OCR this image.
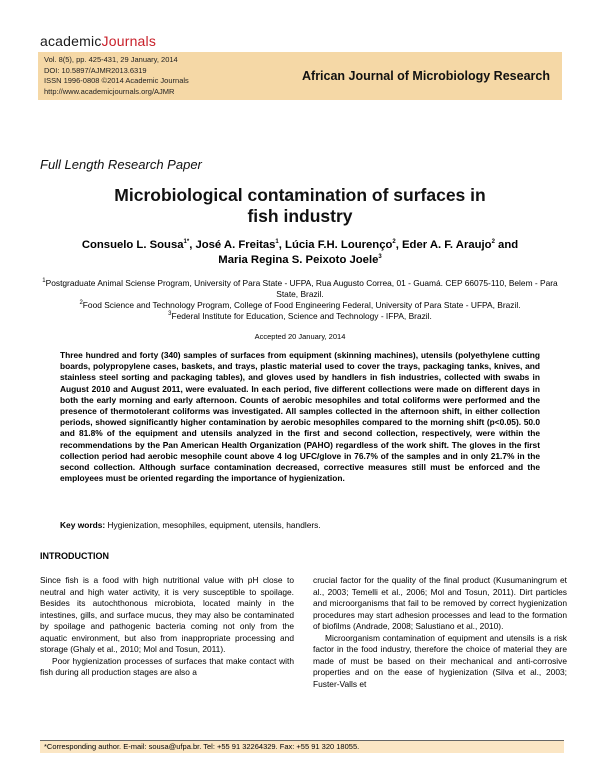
academicJournals
Vol. 8(5), pp. 425-431, 29 January, 2014
DOI: 10.5897/AJMR2013.6319
ISSN 1996-0808 ©2014 Academic Journals
http://www.academicjournals.org/AJMR
African Journal of Microbiology Research
Full Length Research Paper
Microbiological contamination of surfaces in
fish industry
Consuelo L. Sousa$^{1*}$, José A. Freitas$^1$, Lúcia F.H. Lourenço$^2$, Eder A. F. Araujo$^2$ and
Maria Regina S. Peixoto Joele$^3$
$^1$Postgraduate Animal Sciense Program, University of Para State - UFPA, Rua Augusto Correa, 01 - Guamá. CEP 66075-110, Belem - Para State, Brazil.
$^2$Food Science and Technology Program, College of Food Engineering Federal, University of Para State - UFPA, Brazil.
$^3$Federal Institute for Education, Science and Technology - IFPA, Brazil.
Accepted 20 January, 2014
Three hundred and forty (340) samples of surfaces from equipment (skinning machines), utensils (polyethylene cutting boards, polypropylene cases, baskets, and trays, plastic material used to cover the trays, packaging tanks, knives, and stainless steel sorting and packaging tables), and gloves used by handlers in fish industries, collected with swabs in August 2010 and August 2011, were evaluated. In each period, five different collections were made on different days in both the early morning and early afternoon. Counts of aerobic mesophiles and total coliforms were performed and the presence of thermotolerant coliforms was investigated. All samples collected in the afternoon shift, in either collection periods, showed significantly higher contamination by aerobic mesophiles compared to the morning shift (p<0.05). 50.0 and 81.8% of the equipment and utensils analyzed in the first and second collection, respectively, were within the recommendations by the Pan American Health Organization (PAHO) regardless of the work shift. The gloves in the first collection period had aerobic mesophile count above 4 log UFC/glove in 76.7% of the samples and in only 21.7% in the second collection. Although surface contamination decreased, corrective measures still must be enforced and the employees must be oriented regarding the importance of hygienization.
Key words: Hygienization, mesophiles, equipment, utensils, handlers.
INTRODUCTION

Since fish is a food with high nutritional value with pH close to neutral and high water activity, it is very susceptible to spoilage. Besides its autochthonous microbiota, located mainly in the intestines, gills, and surface mucus, they may also be contaminated by spoilage and pathogenic bacteria coming not only from the aquatic environment, but also from inappropriate processing and storage (Ghaly et al., 2010; Mol and Tosun, 2011).

Poor hygienization processes of surfaces that make contact with fish during all production stages are also a

crucial factor for the quality of the final product (Kusumaningrum et al., 2003; Temelli et al., 2006; Mol and Tosun, 2011). Dirt particles and microorganisms that fail to be removed by correct hygienization procedures may start adhesion processes and lead to the formation of biofilms (Andrade, 2008; Salustiano et al., 2010).

Microorganism contamination of equipment and utensils is a risk factor in the food industry, therefore the choice of material they are made of must be based on their mechanical and anti-corrosive properties and on the ease of hygienization (Silva et al., 2003; Fuster-Valls et

*Corresponding author. E-mail: sousa@ufpa.br. Tel: +55 91 32264329. Fax: +55 91 320 18055.
